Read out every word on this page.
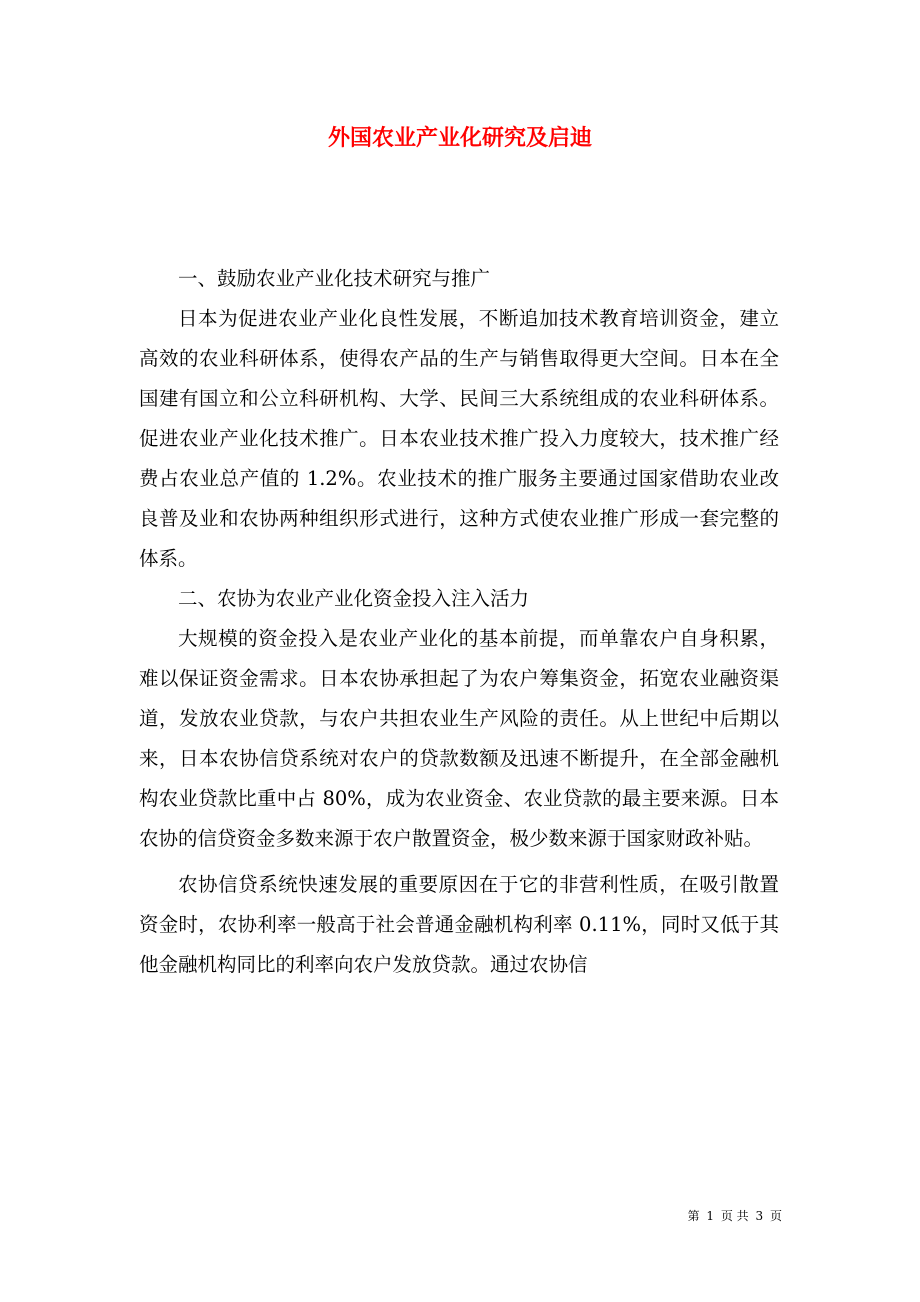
外国农业产业化研究及启迪

一、鼓励农业产业化技术研究与推广

日本为促进农业产业化良性发展，不断追加技术教育培训资金，建立高效的农业科研体系，使得农产品的生产与销售取得更大空间。日本在全国建有国立和公立科研机构、大学、民间三大系统组成的农业科研体系。促进农业产业化技术推广。日本农业技术推广投入力度较大，技术推广经费占农业总产值的 1.2%。农业技术的推广服务主要通过国家借助农业改良普及业和农协两种组织形式进行，这种方式使农业推广形成一套完整的体系。

二、农协为农业产业化资金投入注入活力

大规模的资金投入是农业产业化的基本前提，而单靠农户自身积累，难以保证资金需求。日本农协承担起了为农户筹集资金，拓宽农业融资渠道，发放农业贷款，与农户共担农业生产风险的责任。从上世纪中后期以来，日本农协信贷系统对农户的贷款数额及迅速不断提升，在全部金融机构农业贷款比重中占 80%，成为农业资金、农业贷款的最主要来源。日本农协的信贷资金多数来源于农户散置资金，极少数来源于国家财政补贴。

农协信贷系统快速发展的重要原因在于它的非营利性质，在吸引散置资金时，农协利率一般高于社会普通金融机构利率 0.11%，同时又低于其他金融机构同比的利率向农户发放贷款。通过农协信

第 1 页 共 3 页
